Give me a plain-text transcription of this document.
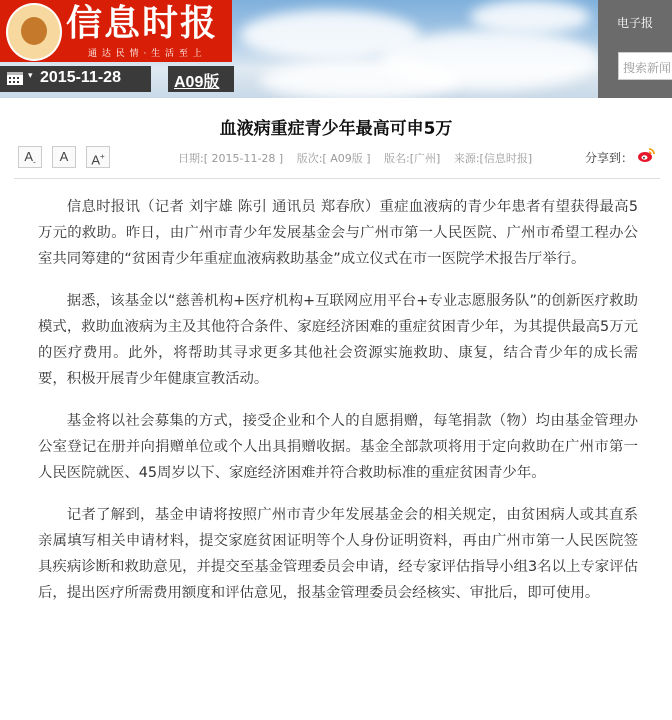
信息时报
通 达 民 情 · 生 活 至 上
电子报
搜索新闻
▾ 2015-11-28	A09版
血液病重症青少年最高可申5万
$A_-$	A	A+	日期:[ 2015-11-28 ] 版次:[ A09版 ] 版名:[广州] 来源:[信息时报]	分享到：

信息时报讯（记者 刘宇雄 陈引 通讯员 郑春欣）重症血液病的青少年患者有望获得最高5万元的救助。昨日，由广州市青少年发展基金会与广州市第一人民医院、广州市希望工程办公室共同筹建的“贫困青少年重症血液病救助基金”成立仪式在市一医院学术报告厅举行。

据悉，该基金以“慈善机构+医疗机构+互联网应用平台+专业志愿服务队”的创新医疗救助模式，救助血液病为主及其他符合条件、家庭经济困难的重症贫困青少年，为其提供最高5万元的医疗费用。此外，将帮助其寻求更多其他社会资源实施救助、康复，结合青少年的成长需要，积极开展青少年健康宣教活动。

基金将以社会募集的方式，接受企业和个人的自愿捐赠，每笔捐款（物）均由基金管理办公室登记在册并向捐赠单位或个人出具捐赠收据。基金全部款项将用于定向救助在广州市第一人民医院就医、45周岁以下、家庭经济困难并符合救助标准的重症贫困青少年。

记者了解到，基金申请将按照广州市青少年发展基金会的相关规定，由贫困病人或其直系亲属填写相关申请材料，提交家庭贫困证明等个人身份证明资料，再由广州市第一人民医院签具疾病诊断和救助意见，并提交至基金管理委员会申请，经专家评估指导小组3名以上专家评估后，提出医疗所需费用额度和评估意见，报基金管理委员会经核实、审批后，即可使用。
